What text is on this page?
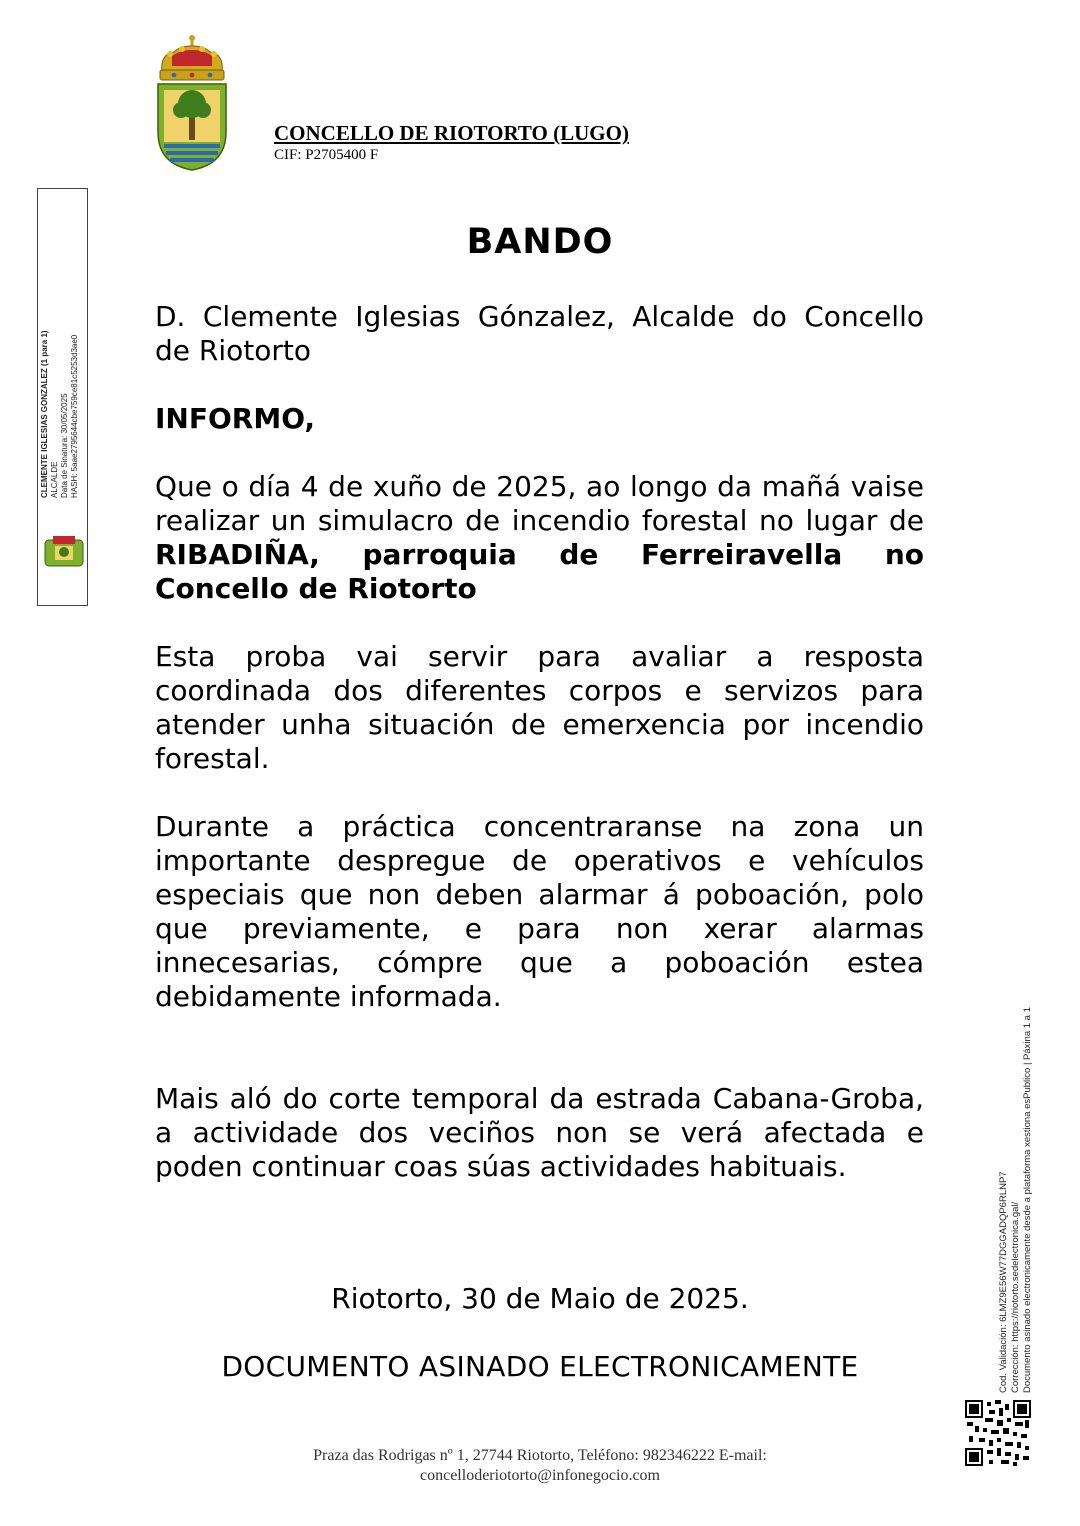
CONCELLO DE RIOTORTO (LUGO)
CIF: P2705400 F
CLEMENTE IGLESIAS GONZALEZ (1 para 1) ALCALDE Data de Sinatura: 30/05/2025 HASH: 5aae2795644cbe759ce81c5253d3ae0
BANDO
D. Clemente Iglesias Gónzalez, Alcalde do Concello
de Riotorto
INFORMO,
Que o día 4 de xuño de 2025, ao longo da mañá vaise realizar un simulacro de incendio forestal no lugar de RIBADIÑA, parroquia de Ferreiravella no Concello de Riotorto
Esta proba vai servir para avaliar a resposta coordinada dos diferentes corpos e servizos para atender unha situación de emerxencia por incendio forestal.
Durante a práctica concentraranse na zona un importante despregue de operativos e vehículos especiais que non deben alarmar á poboación, polo que previamente, e para non xerar alarmas innecesarias, cómpre que a poboación estea debidamente informada.
Mais aló do corte temporal da estrada Cabana-Groba, a actividade dos veciños non se verá afectada e poden continuar coas súas actividades habituais.
Riotorto, 30 de Maio de 2025.
DOCUMENTO ASINADO ELECTRONICAMENTE
Praza das Rodrigas nº 1, 27744 Riotorto, Teléfono: 982346222 E-mail:
concelloderiotorto@infonegocio.com
Cod. Validación: 6LMZ9E56W77DGGADQP6RLNP7 Corrección: https://riotorto.sedelectronica.gal/ Documento asinado electronicamente desde a plataforma xestiona esPublico | Páxina 1 a 1
